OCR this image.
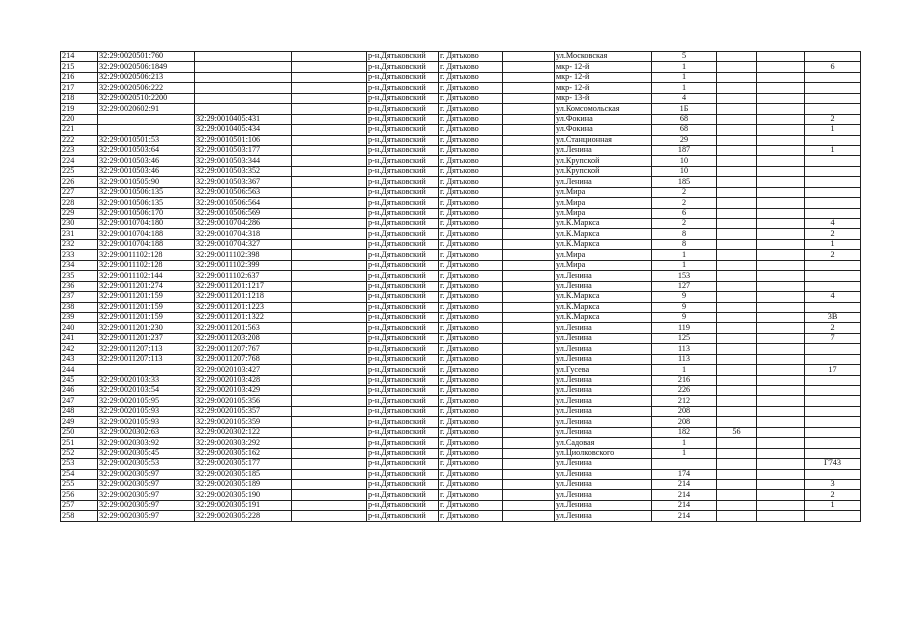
214	32:29:0020501:760			р-н.Дятьковский	г. Дятьково		ул.Московская	5			
215	32:29:0020506:1849			р-н.Дятьковский	г. Дятьково		мкр- 12-й	1			6
216	32:29:0020506:213			р-н.Дятьковский	г. Дятьково		мкр- 12-й	1			
217	32:29:0020506:222			р-н.Дятьковский	г. Дятьково		мкр- 12-й	1			
218	32:29:0020510:2200			р-н.Дятьковский	г. Дятьково		мкр- 13-й	4			
219	32:29:0020602:91			р-н.Дятьковский	г. Дятьково		ул.Комсомольская	1Б			
220		32:29:0010405:431		р-н.Дятьковский	г. Дятьково		ул.Фокина	68			2
221		32:29:0010405:434		р-н.Дятьковский	г. Дятьково		ул.Фокина	68			1
222	32:29:0010501:53	32:29:0010501:106		р-н.Дятьковский	г. Дятьково		ул.Станционная	29			
223	32:29:0010503:64	32:29:0010503:177		р-н.Дятьковский	г. Дятьково		ул.Ленина	187			1
224	32:29:0010503:46	32:29:0010503:344		р-н.Дятьковский	г. Дятьково		ул.Крупской	10			
225	32:29:0010503:46	32:29:0010503:352		р-н.Дятьковский	г. Дятьково		ул.Крупской	10			
226	32:29:0010505:90	32:29:0010503:367		р-н.Дятьковский	г. Дятьково		ул.Ленина	185			
227	32:29:0010506:135	32:29:0010506:563		р-н.Дятьковский	г. Дятьково		ул.Мира	2			
228	32:29:0010506:135	32:29:0010506:564		р-н.Дятьковский	г. Дятьково		ул.Мира	2			
229	32:29:0010506:170	32:29:0010506:569		р-н.Дятьковский	г. Дятьково		ул.Мира	6			
230	32:29:0010704:180	32:29:0010704:286		р-н.Дятьковский	г. Дятьково		ул.К.Маркса	2			4
231	32:29:0010704:188	32:29:0010704:318		р-н.Дятьковский	г. Дятьково		ул.К.Маркса	8			2
232	32:29:0010704:188	32:29:0010704:327		р-н.Дятьковский	г. Дятьково		ул.К.Маркса	8			1
233	32:29:0011102:128	32:29:0011102:398		р-н.Дятьковский	г. Дятьково		ул.Мира	1			2
234	32:29:0011102:128	32:29:0011102:399		р-н.Дятьковский	г. Дятьково		ул.Мира	1			
235	32:29:0011102:144	32:29:0011102:637		р-н.Дятьковский	г. Дятьково		ул.Ленина	153			
236	32:29:0011201:274	32:29:0011201:1217		р-н.Дятьковский	г. Дятьково		ул.Ленина	127			
237	32:29:0011201:159	32:29:0011201:1218		р-н.Дятьковский	г. Дятьково		ул.К.Маркса	9			4
238	32:29:0011201:159	32:29:0011201:1223		р-н.Дятьковский	г. Дятьково		ул.К.Маркса	9			
239	32:29:0011201:159	32:29:0011201:1322		р-н.Дятьковский	г. Дятьково		ул.К.Маркса	9			3В
240	32:29:0011201:230	32:29:0011201:563		р-н.Дятьковский	г. Дятьково		ул.Ленина	119			2
241	32:29:0011201:237	32:29:0011203:208		р-н.Дятьковский	г. Дятьково		ул.Ленина	125			7
242	32:29:0011207:113	32:29:0011207:767		р-н.Дятьковский	г. Дятьково		ул.Ленина	113			
243	32:29:0011207:113	32:29:0011207:768		р-н.Дятьковский	г. Дятьково		ул.Ленина	113			
244		32:29:0020103:427		р-н.Дятьковский	г. Дятьково		ул.Гусева	1			17
245	32:29:0020103:33	32:29:0020103:428		р-н.Дятьковский	г. Дятьково		ул.Ленина	216			
246	32:29:0020103:54	32:29:0020103:429		р-н.Дятьковский	г. Дятьково		ул.Ленина	226			
247	32:29:0020105:95	32:29:0020105:356		р-н.Дятьковский	г. Дятьково		ул.Ленина	212			
248	32:29:0020105:93	32:29:0020105:357		р-н.Дятьковский	г. Дятьково		ул.Ленина	208			
249	32:29:0020105:93	32:29:0020105:359		р-н.Дятьковский	г. Дятьково		ул.Ленина	208			
250	32:29:0020302:63	32:29:0020302:122		р-н.Дятьковский	г. Дятьково		ул.Ленина	182	56		
251	32:29:0020303:92	32:29:0020303:292		р-н.Дятьковский	г. Дятьково		ул.Садовая	1			
252	32:29:0020305:45	32:29:0020305:162		р-н.Дятьковский	г. Дятьково		ул.Циолковского	1			
253	32:29:0020305:53	32:29:0020305:177		р-н.Дятьковский	г. Дятьково		ул.Ленина				Г743
254	32:29:0020305:97	32:29:0020305:185		р-н.Дятьковский	г. Дятьково		ул.Ленина	174			
255	32:29:0020305:97	32:29:0020305:189		р-н.Дятьковский	г. Дятьково		ул.Ленина	214			3
256	32:29:0020305:97	32:29:0020305:190		р-н.Дятьковский	г. Дятьково		ул.Ленина	214			2
257	32:29:0020305:97	32:29:0020305:191		р-н.Дятьковский	г. Дятьково		ул.Ленина	214			1
258	32:29:0020305:97	32:29:0020305:228		р-н.Дятьковский	г. Дятьково		ул.Ленина	214			
